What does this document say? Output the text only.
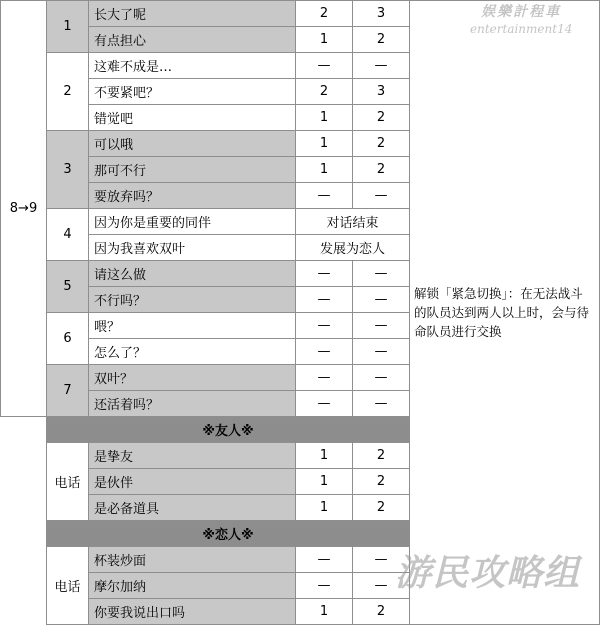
1
长大了呢	2	3
有点担心	1	2
2
这难不成是…	—	—
不要紧吧？	2	3
错觉吧	1	2
3
可以哦	1	2
那可不行	1	2
要放弃吗？	—	—
4
因为你是重要的同伴	对话结束
因为我喜欢双叶	发展为恋人
5
请这么做	—	—
不行吗？	—	—
6
喂？	—	—
怎么了？	—	—
7
双叶？	—	—
还活着吗？	—	—
8→9
※友人※
电话
是挚友	1	2
是伙伴	1	2
是必备道具	1	2
※恋人※
电话
杯装炒面	—	—
摩尔加纳	—	—
你要我说出口吗	1	2
解锁「紧急切换」：在无法战斗的队员达到两人以上时，会与待命队员进行交换
娱樂計程車
entertainment14
游民攻略组
